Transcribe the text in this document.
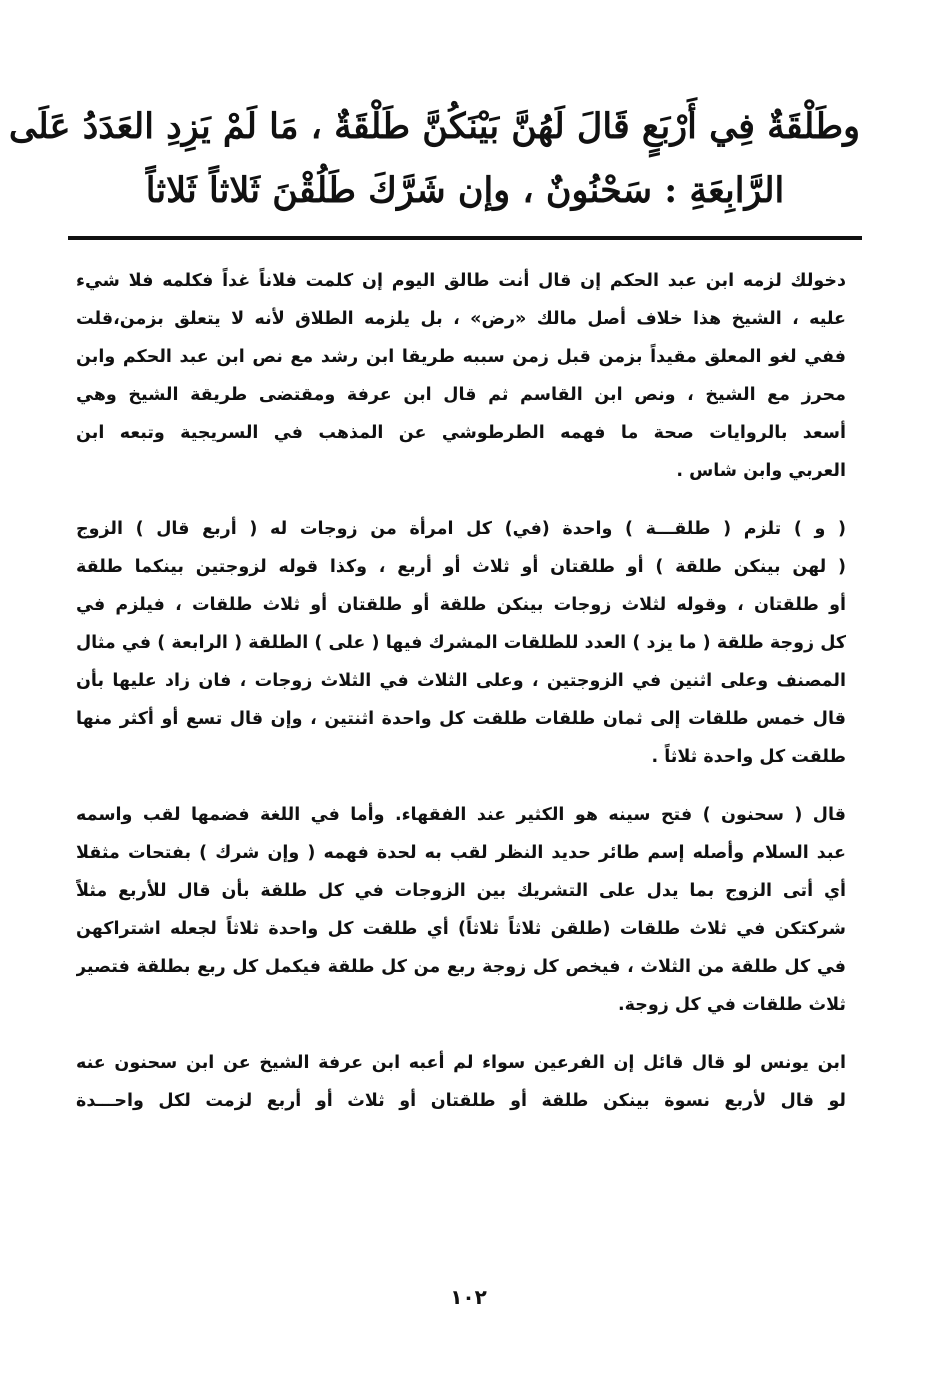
وطَلْقَةٌ فِي أَرْبَعٍ قَالَ لَهُنَّ بَيْنَكُنَّ طَلْقَةٌ ، مَا لَمْ يَزِدِ العَدَدُ عَلَى
الرَّابِعَةِ : سَحْنُونٌ ، وإن شَرَّكَ طَلُقْنَ ثَلاثاً ثَلاثاً
دخولك لزمه ابن عبد الحكم إن قال أنت طالق اليوم إن كلمت فلاناً غداً فكلمه فلا شيء
عليه ، الشيخ هذا خلاف أصل مالك «رض» ، بل يلزمه الطلاق لأنه لا يتعلق بزمن،قلت
ففي لغو المعلق مقيداً بزمن قبل زمن سببه طريقا ابن رشد مع نص ابن عبد الحكم وابن
محرز مع الشيخ ، ونص ابن القاسم ثم قال ابن عرفة ومقتضى طريقة الشيخ وهي
أسعد بالروايات صحة ما فهمه الطرطوشي عن المذهب في السريجية وتبعه ابن
العربي وابن شاس .
( و ) تلزم ( طلقـــة ) واحدة (في) كل امرأة من زوجات له ( أربع قال ) الزوج
( لهن بينكن طلقة ) أو طلقتان أو ثلاث أو أربع ، وكذا قوله لزوجتين بينكما طلقة
أو طلقتان ، وقوله لثلاث زوجات بينكن طلقة أو طلقتان أو ثلاث طلقات ، فيلزم في
كل زوجة طلقة ( ما يزد ) العدد للطلقات المشرك فيها ( على ) الطلقة ( الرابعة ) في مثال
المصنف وعلى اثنين في الزوجتين ، وعلى الثلاث في الثلاث زوجات ، فان زاد عليها بأن
قال خمس طلقات إلى ثمان طلقات طلقت كل واحدة اثنتين ، وإن قال تسع أو أكثر منها
طلقت كل واحدة ثلاثاً .
قال ( سحنون ) فتح سينه هو الكثير عند الفقهاء. وأما في اللغة فضمها لقب واسمه
عبد السلام وأصله إسم طائر حديد النظر لقب به لحدة فهمه ( وإن شرك ) بفتحات مثقلا
أي أتى الزوج بما يدل على التشريك بين الزوجات في كل طلقة بأن قال للأربع مثلاً
شركتكن في ثلاث طلقات (طلقن ثلاثاً ثلاثاً) أي طلقت كل واحدة ثلاثاً لجعله اشتراكهن
في كل طلقة من الثلاث ، فيخص كل زوجة ربع من كل طلقة فيكمل كل ربع بطلقة فتصير
ثلاث طلقات في كل زوجة.
ابن يونس لو قال قائل إن الفرعين سواء لم أعبه ابن عرفة الشيخ عن ابن سحنون عنه
لو قال لأربع نسوة بينكن طلقة أو طلقتان أو ثلاث أو أربع لزمت لكل واحـــدة
١٠٢
